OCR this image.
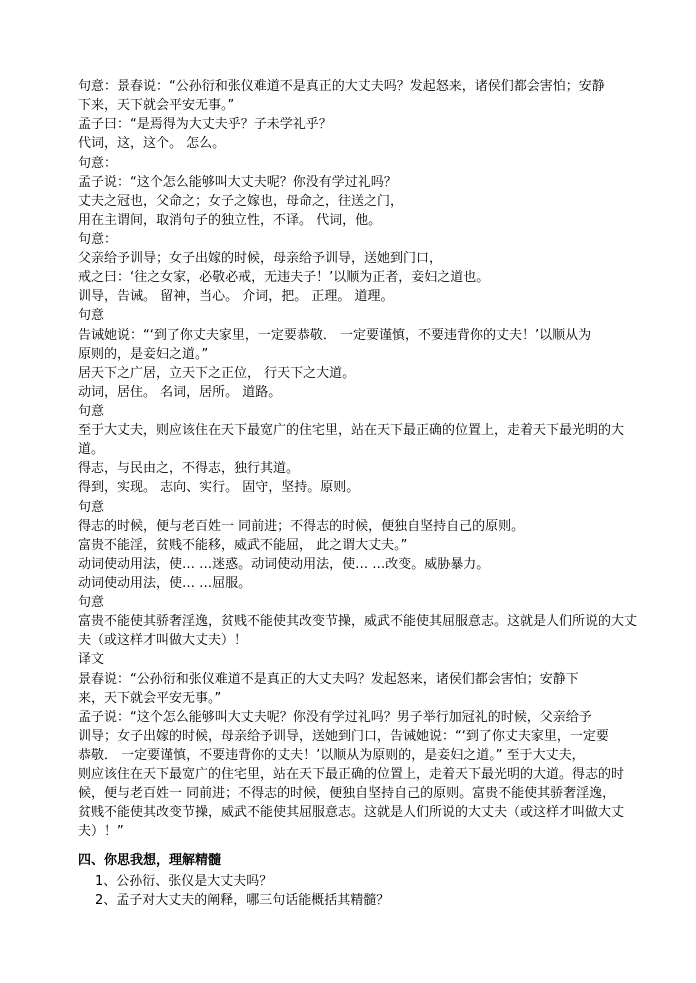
句意：景春说：“公孙衍和张仪难道不是真正的大丈夫吗？发起怒来，诸侯们都会害怕；安静
下来，天下就会平安无事。”
孟子曰：“是焉得为大丈夫乎？子未学礼乎？
代词，这，这个。 怎么。
句意：
孟子说：“这个怎么能够叫大丈夫呢？你没有学过礼吗？
丈夫之冠也，父命之；女子之嫁也，母命之，往送之门，
用在主谓间，取消句子的独立性，不译。 代词，他。
句意：
父亲给予训导；女子出嫁的时候，母亲给予训导，送她到门口，
戒之曰：‘往之女家，必敬必戒，无违夫子！’以顺为正者，妾妇之道也。
训导，告诫。 留神，当心。 介词，把。 正理。 道理。
句意
告诫她说：“‘到了你丈夫家里，一定要恭敬． 一定要谨慎，不要违背你的丈夫！’以顺从为
原则的，是妾妇之道。”
居天下之广居，立天下之正位， 行天下之大道。
动词，居住。 名词，居所。 道路。
句意
至于大丈夫，则应该住在天下最宽广的住宅里，站在天下最正确的位置上，走着天下最光明的大
道。
得志，与民由之，不得志，独行其道。
得到，实现。 志向、实行。 固守，坚持。原则。
句意
得志的时候，便与老百姓一 同前进；不得志的时候，便独自坚持自己的原则。
富贵不能淫，贫贱不能移，威武不能屈， 此之谓大丈夫。”
动词使动用法，使… …迷惑。动词使动用法，使… …改变。威胁暴力。
动词使动用法，使… …屈服。
句意
富贵不能使其骄奢淫逸，贫贱不能使其改变节操，威武不能使其屈服意志。这就是人们所说的大丈
夫（或这样才叫做大丈夫）！
译文
景春说：“公孙衍和张仪难道不是真正的大丈夫吗？发起怒来，诸侯们都会害怕；安静下
来，天下就会平安无事。”
孟子说：“这个怎么能够叫大丈夫呢？你没有学过礼吗？男子举行加冠礼的时候，父亲给予
训导；女子出嫁的时候，母亲给予训导，送她到门口，告诫她说：“‘到了你丈夫家里，一定要
恭敬． 一定要谨慎，不要违背你的丈夫！’以顺从为原则的，是妾妇之道。” 至于大丈夫，
则应该住在天下最宽广的住宅里，站在天下最正确的位置上，走着天下最光明的大道。得志的时
候，便与老百姓一 同前进；不得志的时候，便独自坚持自己的原则。富贵不能使其骄奢淫逸，
贫贱不能使其改变节操，威武不能使其屈服意志。这就是人们所说的大丈夫（或这样才叫做大丈
夫）！”
四、你思我想，理解精髓
1、公孙衍、张仪是大丈夫吗？
2、孟子对大丈夫的阐释，哪三句话能概括其精髓？
